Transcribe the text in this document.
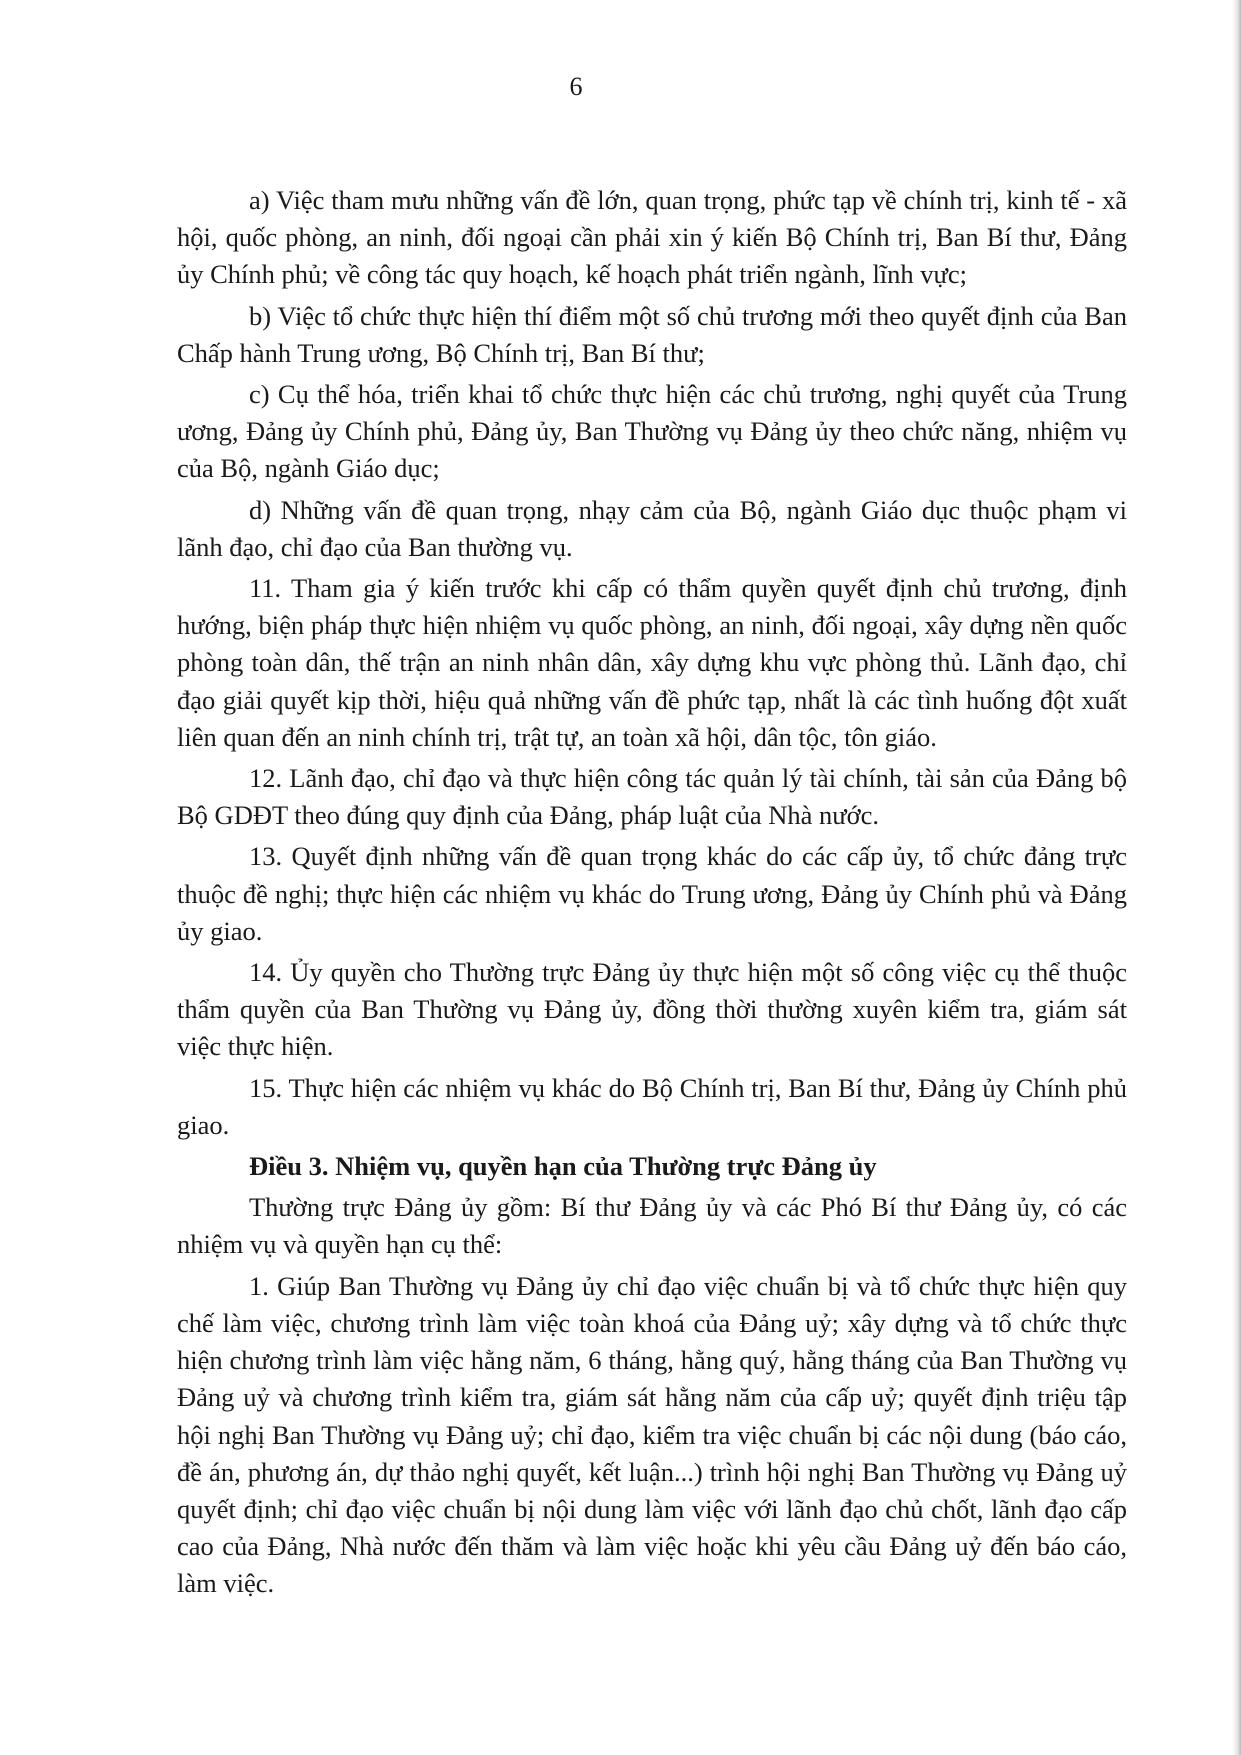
6

a) Việc tham mưu những vấn đề lớn, quan trọng, phức tạp về chính trị, kinh tế - xã hội, quốc phòng, an ninh, đối ngoại cần phải xin ý kiến Bộ Chính trị, Ban Bí thư, Đảng ủy Chính phủ; về công tác quy hoạch, kế hoạch phát triển ngành, lĩnh vực;

b) Việc tổ chức thực hiện thí điểm một số chủ trương mới theo quyết định của Ban Chấp hành Trung ương, Bộ Chính trị, Ban Bí thư;

c) Cụ thể hóa, triển khai tổ chức thực hiện các chủ trương, nghị quyết của Trung ương, Đảng ủy Chính phủ, Đảng ủy, Ban Thường vụ Đảng ủy theo chức năng, nhiệm vụ của Bộ, ngành Giáo dục;

d) Những vấn đề quan trọng, nhạy cảm của Bộ, ngành Giáo dục thuộc phạm vi lãnh đạo, chỉ đạo của Ban thường vụ.

11. Tham gia ý kiến trước khi cấp có thẩm quyền quyết định chủ trương, định hướng, biện pháp thực hiện nhiệm vụ quốc phòng, an ninh, đối ngoại, xây dựng nền quốc phòng toàn dân, thế trận an ninh nhân dân, xây dựng khu vực phòng thủ. Lãnh đạo, chỉ đạo giải quyết kịp thời, hiệu quả những vấn đề phức tạp, nhất là các tình huống đột xuất liên quan đến an ninh chính trị, trật tự, an toàn xã hội, dân tộc, tôn giáo.

12. Lãnh đạo, chỉ đạo và thực hiện công tác quản lý tài chính, tài sản của Đảng bộ Bộ GDĐT theo đúng quy định của Đảng, pháp luật của Nhà nước.

13. Quyết định những vấn đề quan trọng khác do các cấp ủy, tổ chức đảng trực thuộc đề nghị; thực hiện các nhiệm vụ khác do Trung ương, Đảng ủy Chính phủ và Đảng ủy giao.

14. Ủy quyền cho Thường trực Đảng ủy thực hiện một số công việc cụ thể thuộc thẩm quyền của Ban Thường vụ Đảng ủy, đồng thời thường xuyên kiểm tra, giám sát việc thực hiện.

15. Thực hiện các nhiệm vụ khác do Bộ Chính trị, Ban Bí thư, Đảng ủy Chính phủ giao.

Điều 3. Nhiệm vụ, quyền hạn của Thường trực Đảng ủy

Thường trực Đảng ủy gồm: Bí thư Đảng ủy và các Phó Bí thư Đảng ủy, có các nhiệm vụ và quyền hạn cụ thể:

1. Giúp Ban Thường vụ Đảng ủy chỉ đạo việc chuẩn bị và tổ chức thực hiện quy chế làm việc, chương trình làm việc toàn khoá của Đảng uỷ; xây dựng và tổ chức thực hiện chương trình làm việc hằng năm, 6 tháng, hằng quý, hằng tháng của Ban Thường vụ Đảng uỷ và chương trình kiểm tra, giám sát hằng năm của cấp uỷ; quyết định triệu tập hội nghị Ban Thường vụ Đảng uỷ; chỉ đạo, kiểm tra việc chuẩn bị các nội dung (báo cáo, đề án, phương án, dự thảo nghị quyết, kết luận...) trình hội nghị Ban Thường vụ Đảng uỷ quyết định; chỉ đạo việc chuẩn bị nội dung làm việc với lãnh đạo chủ chốt, lãnh đạo cấp cao của Đảng, Nhà nước đến thăm và làm việc hoặc khi yêu cầu Đảng uỷ đến báo cáo, làm việc.
